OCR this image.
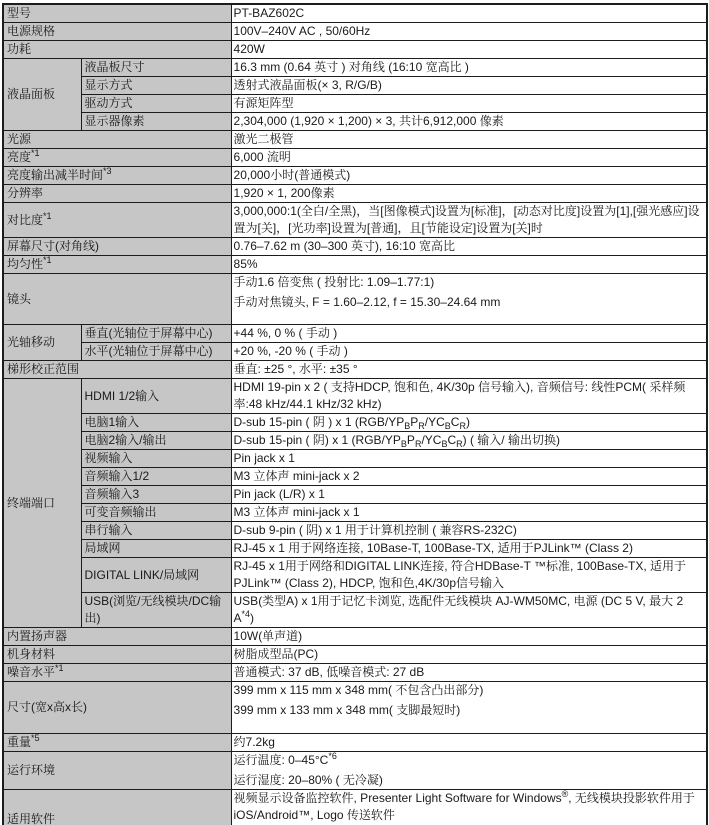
型号		PT-BAZ602C

电源规格		100V–240V AC , 50/60Hz

功耗		420W

液晶面板	液晶板尺寸	16.3 mm (0.64 英寸 ) 对角线 (16:10 宽高比 )

	显示方式	透射式液晶面板(× 3, R/G/B)

	驱动方式	有源矩阵型

	显示器像素	2,304,000 (1,920 × 1,200) × 3, 共计6,912,000 像素

光源		激光二极管

亮度$^{*1}$		6,000 流明

亮度输出减半时间$^{*3}$		20,000小时(普通模式)

分辨率		1,920 × 1, 200像素

对比度$^{*1}$		3,000,000:1(全白/全黑)，当[图像模式]设置为[标准]，[动态对比度]设置为[1],[强光感应]设置为[关]，[光功率]设置为[普通]，且[节能设定]设置为[关]时

屏幕尺寸(对角线)		0.76–7.62 m (30–300 英寸), 16:10 宽高比

均匀性$^{*1}$		85%

镜头		手动1.6 倍变焦 ( 投射比: 1.09–1.77:1)
手动对焦镜头, F = 1.60–2.12, f = 15.30–24.64 mm

光轴移动	垂直(光轴位于屏幕中心)	+44 %, 0 % ( 手动 )

	水平(光轴位于屏幕中心)	+20 %, -20 % ( 手动 )

梯形校正范围		垂直: ±25 °, 水平: ±35 °

终端端口	HDMI 1/2输入	HDMI 19-pin x 2 ( 支持HDCP, 饱和色, 4K/30p 信号输入), 音频信号: 线性PCM( 采样频率:48 kHz/44.1 kHz/32 kHz)

	电脑1输入	D-sub 15-pin ( 阴 ) x 1 $(RGB/YP_BP_R/YC_BC_R)$

	电脑2输入/输出	D-sub 15-pin ( 阴) x 1 $(RGB/YP_BP_R/YC_BC_R)$ ( 输入/ 输出切换)

	视频输入	Pin jack x 1

	音频输入1/2	M3 立体声 mini-jack x 2

	音频输入3	Pin jack (L/R) x 1

	可变音频输出	M3 立体声 mini-jack x 1

	串行输入	D-sub 9-pin ( 阴) x 1 用于计算机控制 ( 兼容RS-232C)

	局域网	RJ-45 x 1 用于网络连接, 10Base-T, 100Base-TX, 适用于PJLink™ (Class 2)

	DIGITAL LINK/局域网	RJ-45 x 1用于网络和DIGITAL LINK连接, 符合HDBase-T ™标准, 100Base-TX, 适用于PJLink™ (Class 2), HDCP, 饱和色,4K/30p信号输入

	USB(浏览/无线模块/DC输出)	USB(类型A) x 1用于记忆卡浏览, 选配件无线模块 AJ-WM50MC, 电源 (DC 5 V, 最大 2 $A^{*4}$)

内置扬声器		10W(单声道)

机身材料		树脂成型品(PC)

噪音水平$^{*1}$		普通模式: 37 dB, 低噪音模式: 27 dB

尺寸(宽x高x长)		399 mm x 115 mm x 348 mm( 不包含凸出部分)
399 mm x 133 mm x 348 mm( 支脚最短时)

重量$^{*5}$		约7.2kg

运行环境		运行温度: $0-45^\circ C^{*6}$
运行湿度: 20–80% ( 无冷凝)

适用软件		视频显示设备监控软件, Presenter Light Software for Windows®, 无线模块投影软件用于iOS/Android™, Logo 传送软件
